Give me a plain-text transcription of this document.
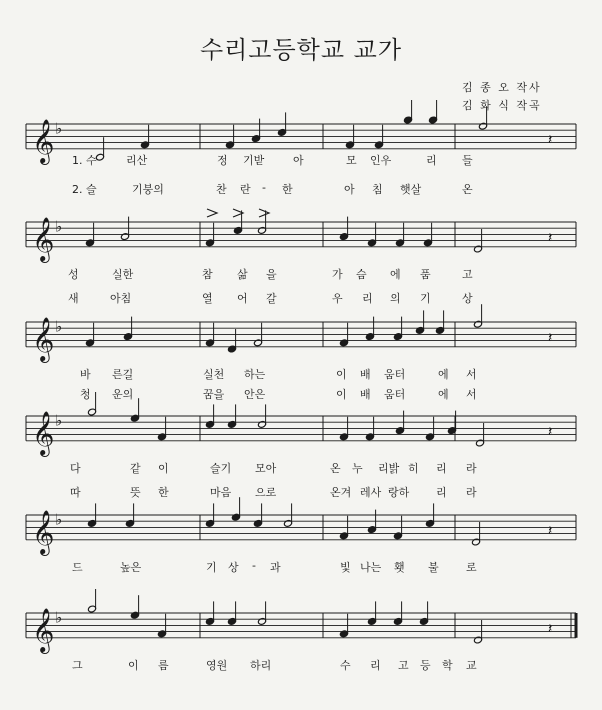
수리고등학교 교가
김 종 오 작사
김 화 식 작곡
𝄞 ♭
𝄽
𝄞 ♭
𝄽
𝄞 ♭
𝄽
𝄞 ♭
𝄽
𝄞 ♭
𝄽
𝄞 ♭
𝄽
1. 수	리산	정 기받	아	모 인우	리 들
2. 슬	기붕의	찬 란 - 한	아 침 햇살	온
성	실한	참 삶 을	가 슴 에 품	고
새	아침	열 어 갈	우 리 의 기	상
바 른길	실천 하는	이 배 움터	에 서
청 운의	꿈을 안은	이 배 움터	에 서
다	같 이	슬기 모아	온 누 리밝 히 리 라
따	뜻 한	마음 으로	온겨 레사 랑하 리 라
드	높은	기 상 - 과	빛 나는 횃 불 로
그	이 름	영원 하리	수 리 고 등 학 교
